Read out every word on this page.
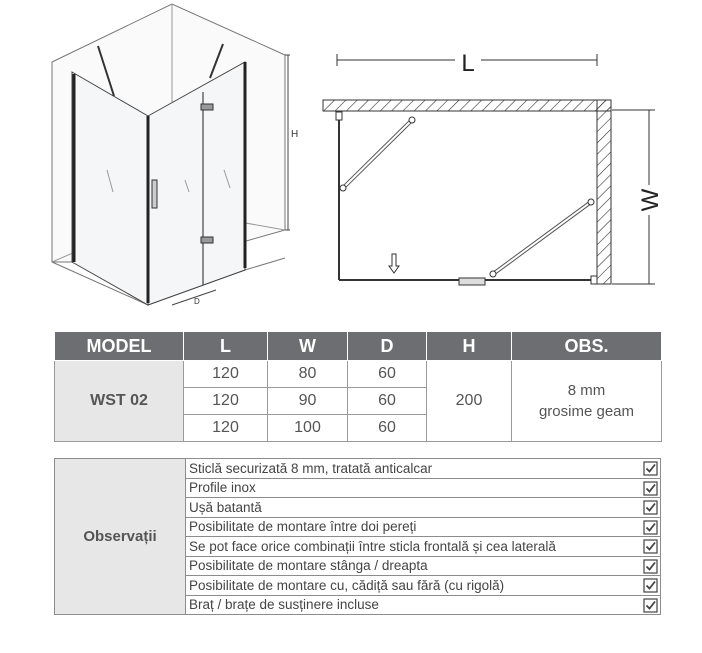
H
D
L
W
MODEL	L	W	D	H	OBS.
WST 02	120	80	60	200	8 mm
grosime geam
	120	90	60		
	120	100	60		
Observații	Sticlă securizată 8 mm, tratată anticalcar	
	Profile inox	
	Ușă batantă	
	Posibilitate de montare între doi pereți	
	Se pot face orice combinații între sticla frontală și cea laterală	
	Posibilitate de montare stânga / dreapta	
	Posibilitate de montare cu, cădiță sau fără (cu rigolă)	
	Braț / brațe de susținere incluse	
